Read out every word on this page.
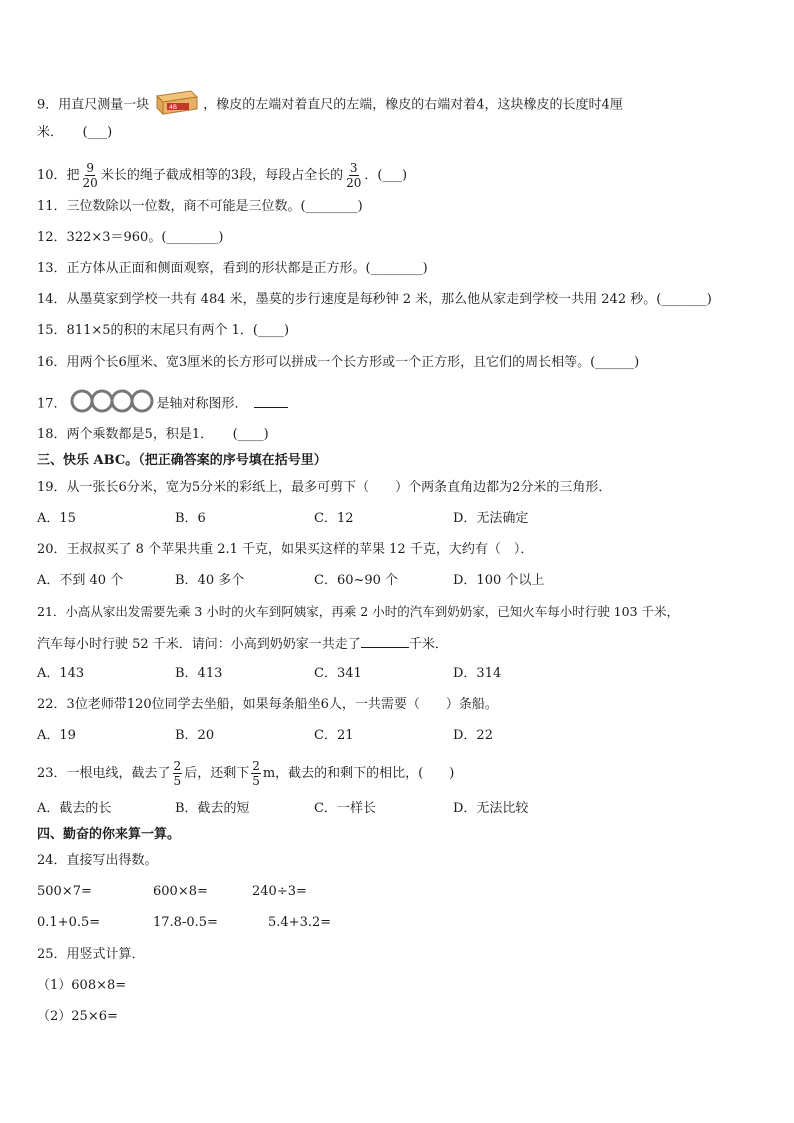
9．用直尺测量一块	4B ，橡皮的左端对着直尺的左端，橡皮的右端对着4，这块橡皮的长度时4厘
米．　　(___)
10．把 $\frac{9}{20}$ 米长的绳子截成相等的3段，每段占全长的 $\frac{3}{20}$ ．(___)
11．三位数除以一位数，商不可能是三位数。(________)
12．322×3＝960。(________)
13．正方体从正面和侧面观察，看到的形状都是正方形。(________)
14．从墨莫家到学校一共有 484 米，墨莫的步行速度是每秒钟 2 米，那么他从家走到学校一共用 242 秒。(_______)
15．811×5的积的末尾只有两个 1．(____)
16．用两个长6厘米、宽3厘米的长方形可以拼成一个长方形或一个正方形，且它们的周长相等。(______)
17．	是轴对称图形．
18．两个乘数都是5，积是1．　　(____)
三、快乐 ABC。（把正确答案的序号填在括号里）
19．从一张长6分米，宽为5分米的彩纸上，最多可剪下（　　）个两条直角边都为2分米的三角形．
A．15	B．6	C．12	D．无法确定
20．王叔叔买了 8 个苹果共重 2.1 千克，如果买这样的苹果 12 千克，大约有（　）．
A．不到 40 个	B．40 多个	C．60~90 个	D．100 个以上
21．小高从家出发需要先乘 3 小时的火车到阿姨家，再乘 2 小时的汽车到奶奶家，已知火车每小时行驶 103 千米，
汽车每小时行驶 52 千米．请问：小高到奶奶家一共走了	千米．
A．143	B．413	C．341	D．314
22．3位老师带120位同学去坐船，如果每条船坐6人，一共需要（　　）条船。
A．19	B．20	C．21	D．22
23．一根电线，截去了 $\frac{2}{5}$ 后，还剩下 $\frac{2}{5}$ m，截去的和剩下的相比，(　　)
A．截去的长	B．截去的短	C．一样长	D．无法比较
四、勤奋的你来算一算。
24．直接写出得数。
500×7=	600×8=	240÷3=
0.1+0.5=	17.8-0.5=	5.4+3.2=
25．用竖式计算．
（1）608×8=
（2）25×6=
